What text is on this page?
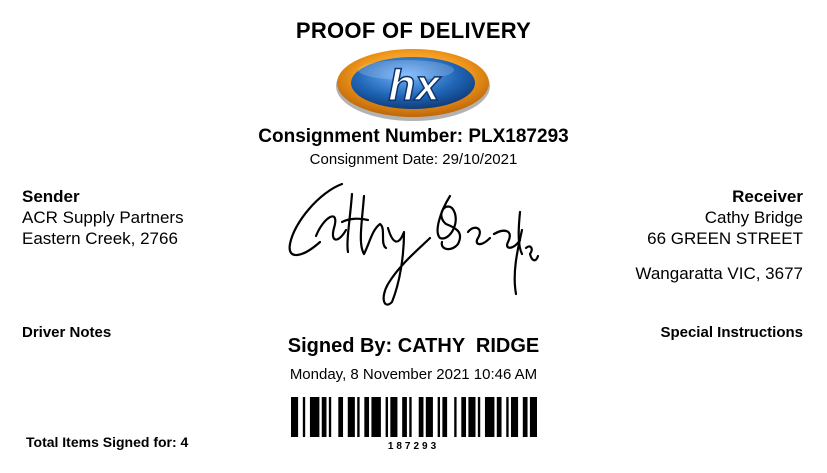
PROOF OF DELIVERY
hx
Consignment Number: PLX187293
Consignment Date: 29/10/2021
Sender
ACR Supply Partners
Eastern Creek, 2766
Receiver
Cathy Bridge
66 GREEN STREET
Wangaratta VIC, 3677
Driver Notes	Special Instructions
Signed By: CATHY  RIDGE
Monday, 8 November 2021 10:46 AM
187293
Total Items Signed for: 4
